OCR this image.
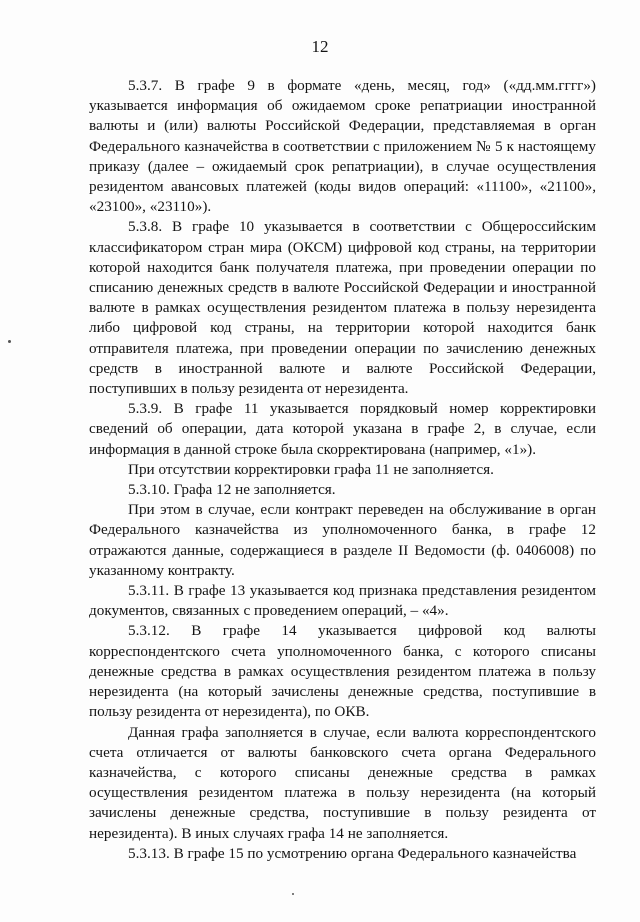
12

5.3.7. В графе 9 в формате «день, месяц, год» («дд.мм.гггг») указывается информация об ожидаемом сроке репатриации иностранной валюты и (или) валюты Российской Федерации, представляемая в орган Федерального казначейства в соответствии с приложением № 5 к настоящему приказу (далее – ожидаемый срок репатриации), в случае осуществления резидентом авансовых платежей (коды видов операций: «11100», «21100», «23100», «23110»).

5.3.8. В графе 10 указывается в соответствии с Общероссийским классификатором стран мира (ОКСМ) цифровой код страны, на территории которой находится банк получателя платежа, при проведении операции по списанию денежных средств в валюте Российской Федерации и иностранной валюте в рамках осуществления резидентом платежа в пользу нерезидента либо цифровой код страны, на территории которой находится банк отправителя платежа, при проведении операции по зачислению денежных средств в иностранной валюте и валюте Российской Федерации, поступивших в пользу резидента от нерезидента.

5.3.9. В графе 11 указывается порядковый номер корректировки сведений об операции, дата которой указана в графе 2, в случае, если информация в данной строке была скорректирована (например, «1»).

При отсутствии корректировки графа 11 не заполняется.

5.3.10. Графа 12 не заполняется.

При этом в случае, если контракт переведен на обслуживание в орган Федерального казначейства из уполномоченного банка, в графе 12 отражаются данные, содержащиеся в разделе II Ведомости (ф. 0406008) по указанному контракту.

5.3.11. В графе 13 указывается код признака представления резидентом документов, связанных с проведением операций, – «4».

5.3.12. В графе 14 указывается цифровой код валюты корреспондентского счета уполномоченного банка, с которого списаны денежные средства в рамках осуществления резидентом платежа в пользу нерезидента (на который зачислены денежные средства, поступившие в пользу резидента от нерезидента), по ОКВ.

Данная графа заполняется в случае, если валюта корреспондентского счета отличается от валюты банковского счета органа Федерального казначейства, с которого списаны денежные средства в рамках осуществления резидентом платежа в пользу нерезидента (на который зачислены денежные средства, поступившие в пользу резидента от нерезидента). В иных случаях графа 14 не заполняется.

5.3.13. В графе 15 по усмотрению органа Федерального казначейства
